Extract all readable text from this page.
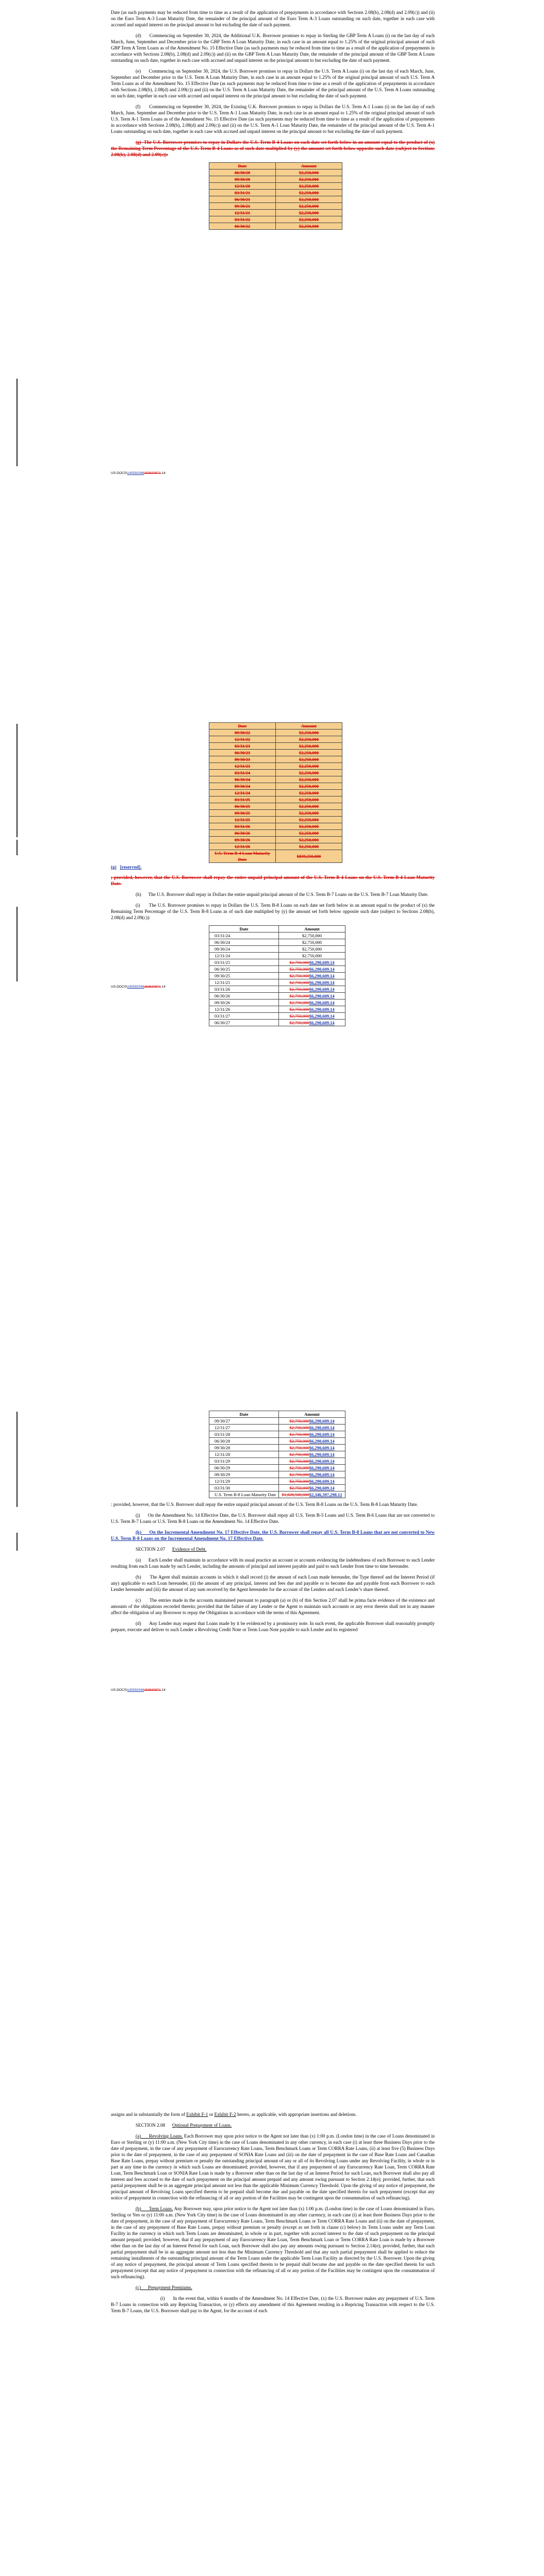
Date (as such payments may be reduced from time to time as a result of the application of prepayments in accordance with Sections 2.08(b), 2.08(d) and 2.09(c)) and (ii) on the Euro Term A-3 Loan Maturity Date, the remainder of the principal amount of the Euro Term A-3 Loans outstanding on such date, together in each case with accrued and unpaid interest on the principal amount to but excluding the date of such payment.

(d)      Commencing on September 30, 2024, the Additional U.K. Borrower promises to repay in Sterling the GBP Term A Loans (i) on the last day of each March, June, September and December prior to the GBP Term A Loan Maturity Date, in each case in an amount equal to 1.25% of the original principal amount of such GBP Term A Term Loans as of the Amendment No. 15 Effective Date (as such payments may be reduced from time to time as a result of the application of prepayments in accordance with Sections 2.08(b), 2.08(d) and 2.09(c)) and (ii) on the GBP Term A Loan Maturity Date, the remainder of the principal amount of the GBP Term A Loans outstanding on such date, together in each case with accrued and unpaid interest on the principal amount to but excluding the date of such payment.

(e)      Commencing on September 30, 2024, the U.S. Borrower promises to repay in Dollars the U.S. Term A Loans (i) on the last day of each March, June, September and December prior to the U.S. Term A Loan Maturity Date, in each case in an amount equal to 1.25% of the original principal amount of such U.S. Term A Term Loans as of the Amendment No. 15 Effective Date (as such payments may be reduced from time to time as a result of the application of prepayments in accordance with Sections 2.08(b), 2.08(d) and 2.09(c)) and (ii) on the U.S. Term A Loan Maturity Date, the remainder of the principal amount of the U.S. Term A Loans outstanding on such date, together in each case with accrued and unpaid interest on the principal amount to but excluding the date of such payment.

(f)      Commencing on September 30, 2024, the Existing U.K. Borrower promises to repay in Dollars the U.S. Term A-1 Loans (i) on the last day of each March, June, September and December prior to the U.S. Term A-1 Loan Maturity Date, in each case in an amount equal to 1.25% of the original principal amount of such U.S. Term A-1 Term Loans as of the Amendment No. 15 Effective Date (as such payments may be reduced from time to time as a result of the application of prepayments in accordance with Sections 2.08(b), 2.08(d) and 2.09(c)) and (ii) on the U.S. Term A-1 Loan Maturity Date, the remainder of the principal amount of the U.S. Term A-1 Loans outstanding on such date, together in each case with accrued and unpaid interest on the principal amount to but excluding the date of such payment.

(g)  The U.S. Borrower promises to repay in Dollars the U.S. Term B-4 Loans on each date set forth below in an amount equal to the product of (x) the Remaining Term Percentage of the U.S. Term B-4 Loans as of such date multiplied by (y) the amount set forth below opposite such date (subject to Sections 2.08(b), 2.08(d) and 2.09(c)):

Date	Amount
06/30/20	$2,250,000
09/30/20	$2,250,000
12/31/20	$2,250,000
03/31/21	$2,250,000
06/30/21	$2,250,000
09/30/21	$2,250,000
12/31/21	$2,250,000
03/31/22	$2,250,000
06/30/22	$2,250,000
US-DOCS\145592048153620871.14
Date	Amount
09/30/22	$2,250,000
12/31/22	$2,250,000
03/31/23	$2,250,000
06/30/23	$2,250,000
09/30/23	$2,250,000
12/31/23	$2,250,000
03/31/24	$2,250,000
06/30/24	$2,250,000
09/30/24	$2,250,000
12/31/24	$2,250,000
03/31/25	$2,250,000
06/30/25	$2,250,000
09/30/25	$2,250,000
12/31/25	$2,250,000
03/31/26	$2,250,000
06/30/26	$2,250,000
09/30/26	$2,250,000
12/31/26	$2,250,000
U.S. Term B-4 Loan Maturity Date	$839,250,000

(g) [reserved].

; provided, however, that the U.S. Borrower shall repay the entire unpaid principal amount of the U.S. Term B-4 Loans on the U.S. Term B-4 Loan Maturity Date.

(h)      The U.S. Borrower shall repay in Dollars the entire unpaid principal amount of the U.S. Term B-7 Loans on the U.S. Term B-7 Loan Maturity Date.

(i)      The U.S. Borrower promises to repay in Dollars the U.S. Term B-8 Loans on each date set forth below in an amount equal to the product of (x) the Remaining Term Percentage of the U.S. Term B-8 Loans as of such date multiplied by (y) the amount set forth below opposite such date (subject to Sections 2.08(b), 2.08(d) and 2.09(c)):

Date	Amount
03/31/24	$2,750,000
06/30/24	$2,750,000
09/30/24	$2,750,000
12/31/24	$2,750,000
03/31/25	$2,750,000$6,290,609.14
06/30/25	$2,750,000$6,290,609.14
09/30/25	$2,750,000$6,290,609.14
12/31/25	$2,750,000$6,290,609.14
03/31/26	$2,750,000$6,290,609.14
06/30/26	$2,750,000$6,290,609.14
09/30/26	$2,750,000$6,290,609.14
12/31/26	$2,750,000$6,290,609.14
03/31/27	$2,750,000$6,290,609.14
06/30/27	$2,750,000$6,290,609.14
US-DOCS\145592048153620871.14
Date	Amount
09/30/27	$2,750,000$6,290,609.14
12/31/27	$2,750,000$6,290,609.14
03/31/28	$2,750,000$6,290,609.14
06/30/28	$2,750,000$6,290,609.14
09/30/28	$2,750,000$6,290,609.14
12/31/28	$2,750,000$6,290,609.14
03/31/29	$2,750,000$6,290,609.14
06/30/29	$2,750,000$6,290,609.14
09/30/29	$2,750,000$6,290,609.14
12/31/29	$2,750,000$6,290,609.14
03/31/30	$2,750,000$6,290,609.14
U.S. Term B-8 Loan Maturity Date	$1,028,500,000$2,346,397,298.12

: provided, however, that the U.S. Borrower shall repay the entire unpaid principal amount of the U.S. Term B-8 Loans on the U.S. Term B-8 Loan Maturity Date.

(j)      On the Amendment No. 14 Effective Date, the U.S. Borrower shall repay all U.S. Term B-5 Loans and U.S. Term B-6 Loans that are not converted to U.S. Term B-7 Loans or U.S. Term B-8 Loans on the Amendment No. 14 Effective Date.

(k)      On the Incremental Amendment No. 17 Effective Date, the U.S. Borrower shall repay all U.S. Term B-8 Loans that are not converted to New U.S. Term B-8 Loans on the Incremental Amendment No. 17 Effective Date.

SECTION 2.07 Evidence of Debt.

(a)      Each Lender shall maintain in accordance with its usual practice an account or accounts evidencing the indebtedness of each Borrower to such Lender resulting from each Loan made by such Lender, including the amounts of principal and interest payable and paid to such Lender from time to time hereunder.

(b)      The Agent shall maintain accounts in which it shall record (i) the amount of each Loan made hereunder, the Type thereof and the Interest Period (if any) applicable to each Loan hereunder, (ii) the amount of any principal, interest and fees due and payable or to become due and payable from each Borrower to each Lender hereunder and (iii) the amount of any sum received by the Agent hereunder for the account of the Lenders and each Lender’s share thereof.

(c)      The entries made in the accounts maintained pursuant to paragraph (a) or (b) of this Section 2.07 shall be prima facie evidence of the existence and amounts of the obligations recorded therein; provided that the failure of any Lender or the Agent to maintain such accounts or any error therein shall not in any manner affect the obligation of any Borrower to repay the Obligations in accordance with the terms of this Agreement.

(d)      Any Lender may request that Loans made by it be evidenced by a promissory note. In such event, the applicable Borrower shall reasonably promptly prepare, execute and deliver to such Lender a Revolving Credit Note or Term Loan Note payable to such Lender and its registered

US-DOCS\145592048153620871.14

assigns and in substantially the form of Exhibit F-1 or Exhibit F-2 hereto, as applicable, with appropriate insertions and deletions.

SECTION 2.08 Optional Prepayment of Loans.

(a)      Revolving Loans. Each Borrower may upon prior notice to the Agent not later than (x) 1:00 p.m. (London time) in the case of Loans denominated in Euro or Sterling or (y) 11:00 a.m. (New York City time) in the case of Loans denominated in any other currency, in each case (i) at least three Business Days prior to the date of prepayment, in the case of any prepayment of Eurocurrency Rate Loans, Term Benchmark Loans or Term CORRA Rate Loans, (ii) at least five (5) Business Days prior to the date of prepayment, in the case of any prepayment of SONIA Rate Loans and (iii) on the date of prepayment in the case of Base Rate Loans and Canadian Base Rate Loans, prepay without premium or penalty the outstanding principal amount of any or all of its Revolving Loans under any Revolving Facility, in whole or in part at any time in the currency in which such Loans are denominated; provided, however, that if any prepayment of any Eurocurrency Rate Loan, Term CORRA Rate Loan, Term Benchmark Loan or SONIA Rate Loan is made by a Borrower other than on the last day of an Interest Period for such Loan, such Borrower shall also pay all interest and fees accrued to the date of such prepayment on the principal amount prepaid and any amount owing pursuant to Section 2.14(e); provided, further, that each partial prepayment shall be in an aggregate principal amount not less than the applicable Minimum Currency Threshold. Upon the giving of any notice of prepayment, the principal amount of Revolving Loans specified therein to be prepaid shall become due and payable on the date specified therein for such prepayment (except that any notice of prepayment in connection with the refinancing of all or any portion of the Facilities may be contingent upon the consummation of such refinancing).

(b)      Term Loans. Any Borrower may, upon prior notice to the Agent not later than (x) 1:00 p.m. (London time) in the case of Loans denominated in Euro, Sterling or Yen or (y) 11:00 a.m. (New York City time) in the case of Loans denominated in any other currency, in each case (i) at least three Business Days prior to the date of prepayment, in the case of any prepayment of Eurocurrency Rate Loans, Term Benchmark Loans or Term CORRA Rate Loans and (ii) on the date of prepayment, in the case of any prepayment of Base Rate Loans, prepay without premium or penalty (except as set forth in clause (c) below) its Term Loans under any Term Loan Facility in the currency in which such Term Loans are denominated, in whole or in part, together with accrued interest to the date of such prepayment on the principal amount prepaid; provided, however, that if any prepayment of any Eurocurrency Rate Loan, Term Benchmark Loan or Term CORRA Rate Loan is made by a Borrower other than on the last day of an Interest Period for such Loan, such Borrower shall also pay any amounts owing pursuant to Section 2.14(e); provided, further, that each partial prepayment shall be in an aggregate amount not less than the Minimum Currency Threshold and that any such partial prepayment shall be applied to reduce the remaining installments of the outstanding principal amount of the Term Loans under the applicable Term Loan Facility as directed by the U.S. Borrower. Upon the giving of any notice of prepayment, the principal amount of Term Loans specified therein to be prepaid shall become due and payable on the date specified therein for such prepayment (except that any notice of prepayment in connection with the refinancing of all or any portion of the Facilities may be contingent upon the consummation of such refinancing).

(c)      Prepayment Premiums.

(i)      In the event that, within 6 months of the Amendment No. 14 Effective Date, (x) the U.S. Borrower makes any prepayment of U.S. Term B-7 Loans in connection with any Repricing Transaction, or (y) effects any amendment of this Agreement resulting in a Repricing Transaction with respect to the U.S. Term B-7 Loans, the U.S. Borrower shall pay to the Agent, for the account of each
